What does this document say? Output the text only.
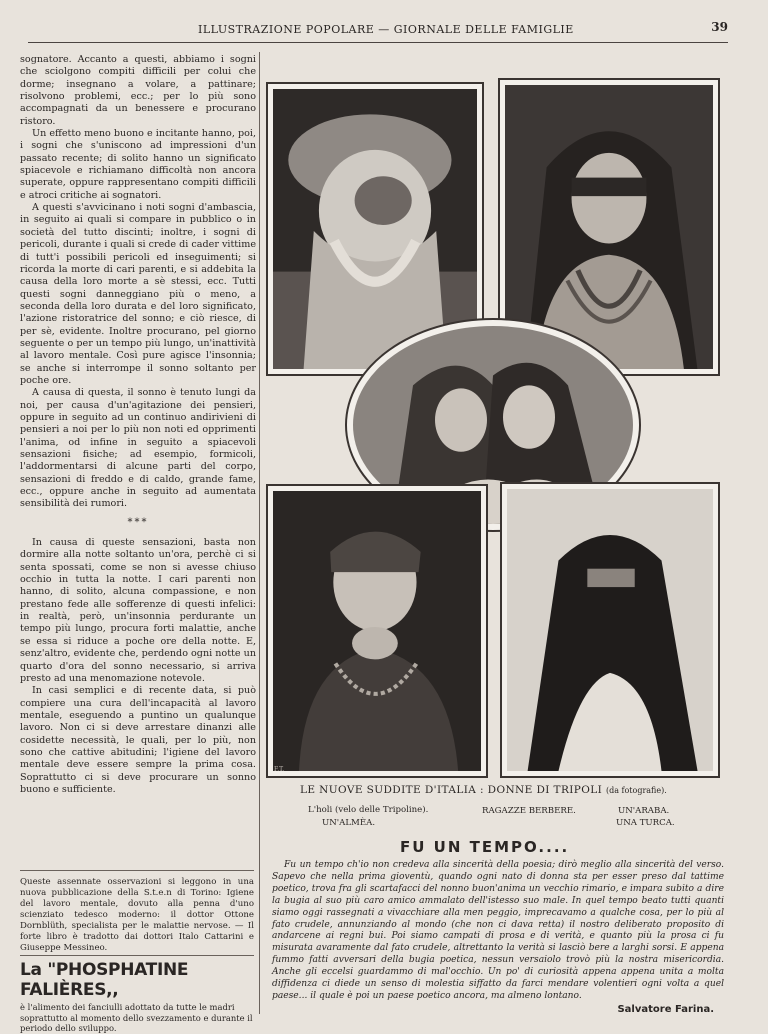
ILLUSTRAZIONE POPOLARE — GIORNALE DELLE FAMIGLIE	39

sognatore. Accanto a questi, abbiamo i sogni che sciolgono compiti difficili per colui che dorme; insegnano a volare, a pattinare; risolvono problemi, ecc.; per lo più sono accompagnati da un benessere e procurano ristoro.

Un effetto meno buono e incitante hanno, poi, i sogni che s'uniscono ad impressioni d'un passato recente; di solito hanno un significato spiacevole e richiamano difficoltà non ancora superate, oppure rappresentano compiti difficili e atroci critiche ai sognatori.

A questi s'avvicinano i noti sogni d'ambascia, in seguito ai quali si compare in pubblico o in società del tutto discinti; inoltre, i sogni di pericoli, durante i quali si crede di cader vittime di tutt'i possibili pericoli ed inseguimenti; si ricorda la morte di cari parenti, e si addebita la causa della loro morte a sè stessi, ecc. Tutti questi sogni danneggiano più o meno, a seconda della loro durata e del loro significato, l'azione ristoratrice del sonno; e ciò riesce, di per sè, evidente. Inoltre procurano, pel giorno seguente o per un tempo più lungo, un'inattività al lavoro mentale. Così pure agisce l'insonnia; se anche si interrompe il sonno soltanto per poche ore.

A causa di questa, il sonno è tenuto lungi da noi, per causa d'un'agitazione dei pensieri, oppure in seguito ad un continuo andirivieni di pensieri a noi per lo più non noti ed opprimenti l'anima, od infine in seguito a spiacevoli sensazioni fisiche; ad esempio, formicoli, l'addormentarsi di alcune parti del corpo, sensazioni di freddo e di caldo, grande fame, ecc., oppure anche in seguito ad aumentata sensibilità dei rumori.

***

In causa di queste sensazioni, basta non dormire alla notte soltanto un'ora, perchè ci si senta spossati, come se non si avesse chiuso occhio in tutta la notte. I cari parenti non hanno, di solito, alcuna compassione, e non prestano fede alle sofferenze di questi infelici: in realtà, però, un'insonnia perdurante un tempo più lungo, procura forti malattie, anche se essa si riduce a poche ore della notte. E, senz'altro, evidente che, perdendo ogni notte un quarto d'ora del sonno necessario, si arriva presto ad una menomazione notevole.

In casi semplici e di recente data, si può compiere una cura dell'incapacità al lavoro mentale, eseguendo a puntino un qualunque lavoro. Non ci si deve arrestare dinanzi alle cosidette necessità, le quali, per lo più, non sono che cattive abitudini; l'igiene del lavoro mentale deve essere sempre la prima cosa. Soprattutto ci si deve procurare un sonno buono e sufficiente.

Queste assennate osservazioni si leggono in una nuova pubblicazione della S.t.e.n di Torino: Igiene del lavoro mentale, dovuto alla penna d'uno scienziato tedesco moderno: il dottor Ottone Dornblüth, specialista per le malattie nervose. — Il forte libro è tradotto dai dottori Italo Cattarini e Giuseppe Messineo.
La "PHOSPHATINE FALIÈRES,,
è l'alimento dei fanciulli adottato da tutte le madri soprattutto al momento dello svezzamento e durante il periodo dello sviluppo.
F.T.
LE NUOVE SUDDITE D'ITALIA : DONNE DI TRIPOLI (da fotografie).
L'holi (velo delle Tripoline).
UN'ALMÈA.
RAGAZZE BERBERE.	UN'ARABA.
UNA TURCA.
FU UN TEMPO....

Fu un tempo ch'io non credeva alla sincerità della poesia; dirò meglio alla sincerità del verso. Sapevo che nella prima gioventù, quando ogni nato di donna sta per esser preso dal tattime poetico, trova fra gli scartafacci del nonno buon'anima un vecchio rimario, e impara subito a dire la bugia al suo più caro amico ammalato dell'istesso suo male. In quel tempo beato tutti quanti siamo oggi rassegnati a vivacchiare alla men peggio, imprecavamo a qualche cosa, per lo più al fato crudele, annunziando al mondo (che non ci dava retta) il nostro deliberato proposito di andarcene ai regni bui. Poi siamo campati di prosa e di verità, e quanto più la prosa ci fu misurata avaramente dal fato crudele, altrettanto la verità si lasciò bere a larghi sorsi. E appena fummo fatti avversari della bugia poetica, nessun versaiolo trovò più la nostra misericordia. Anche gli eccelsi guardammo di mal'occhio. Un po' di curiosità appena appena unita a molta diffidenza ci diede un senso di molestia siffatto da farci mendare volentieri ogni volta a quel paese... il quale è poi un paese poetico ancora, ma almeno lontano.

Salvatore Farina.
